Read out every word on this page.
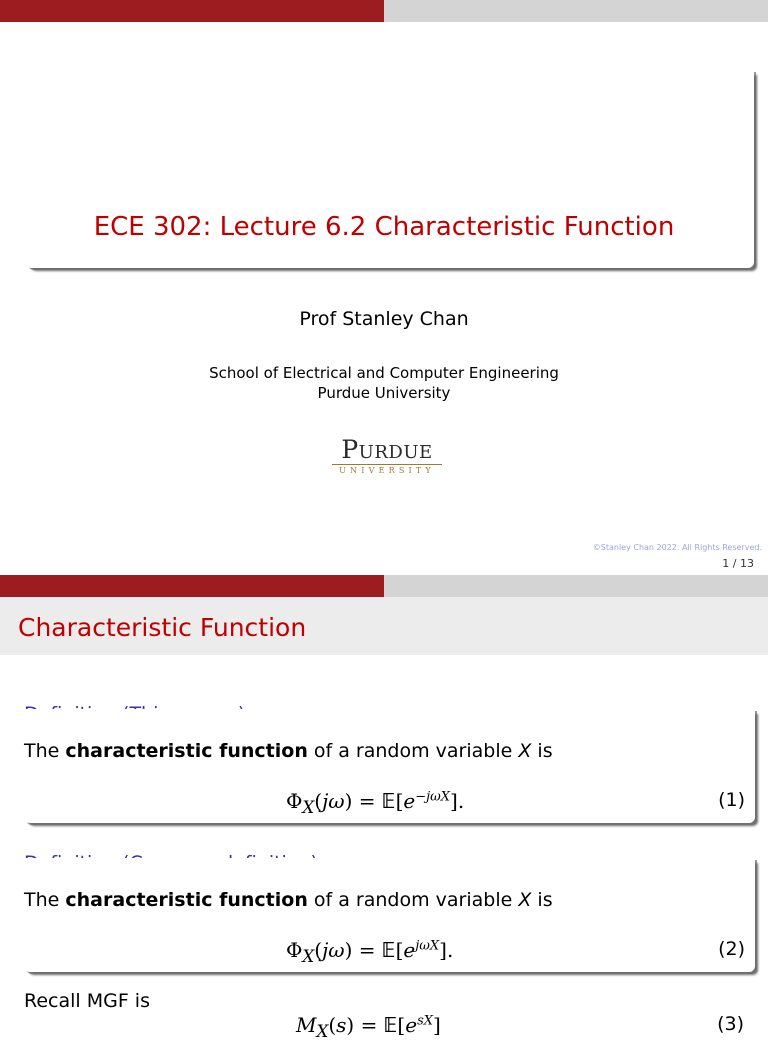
ECE 302: Lecture 6.2 Characteristic Function
Prof Stanley Chan
School of Electrical and Computer Engineering
Purdue University
Purdue
UNIVERSITY
©Stanley Chan 2022. All Rights Reserved.
1 / 13
Characteristic Function
The characteristic function of a random variable X is
$\Phi_X(j\omega)$ = $𝔼[e^{-j\omega X}]$.	(1)
The characteristic function of a random variable X is
$\Phi_X(j\omega)$ = $𝔼[e^{j\omega X}]$.	(2)
Recall MGF is
$M_X(s)$ = $𝔼[e^{sX}]$	(3)
